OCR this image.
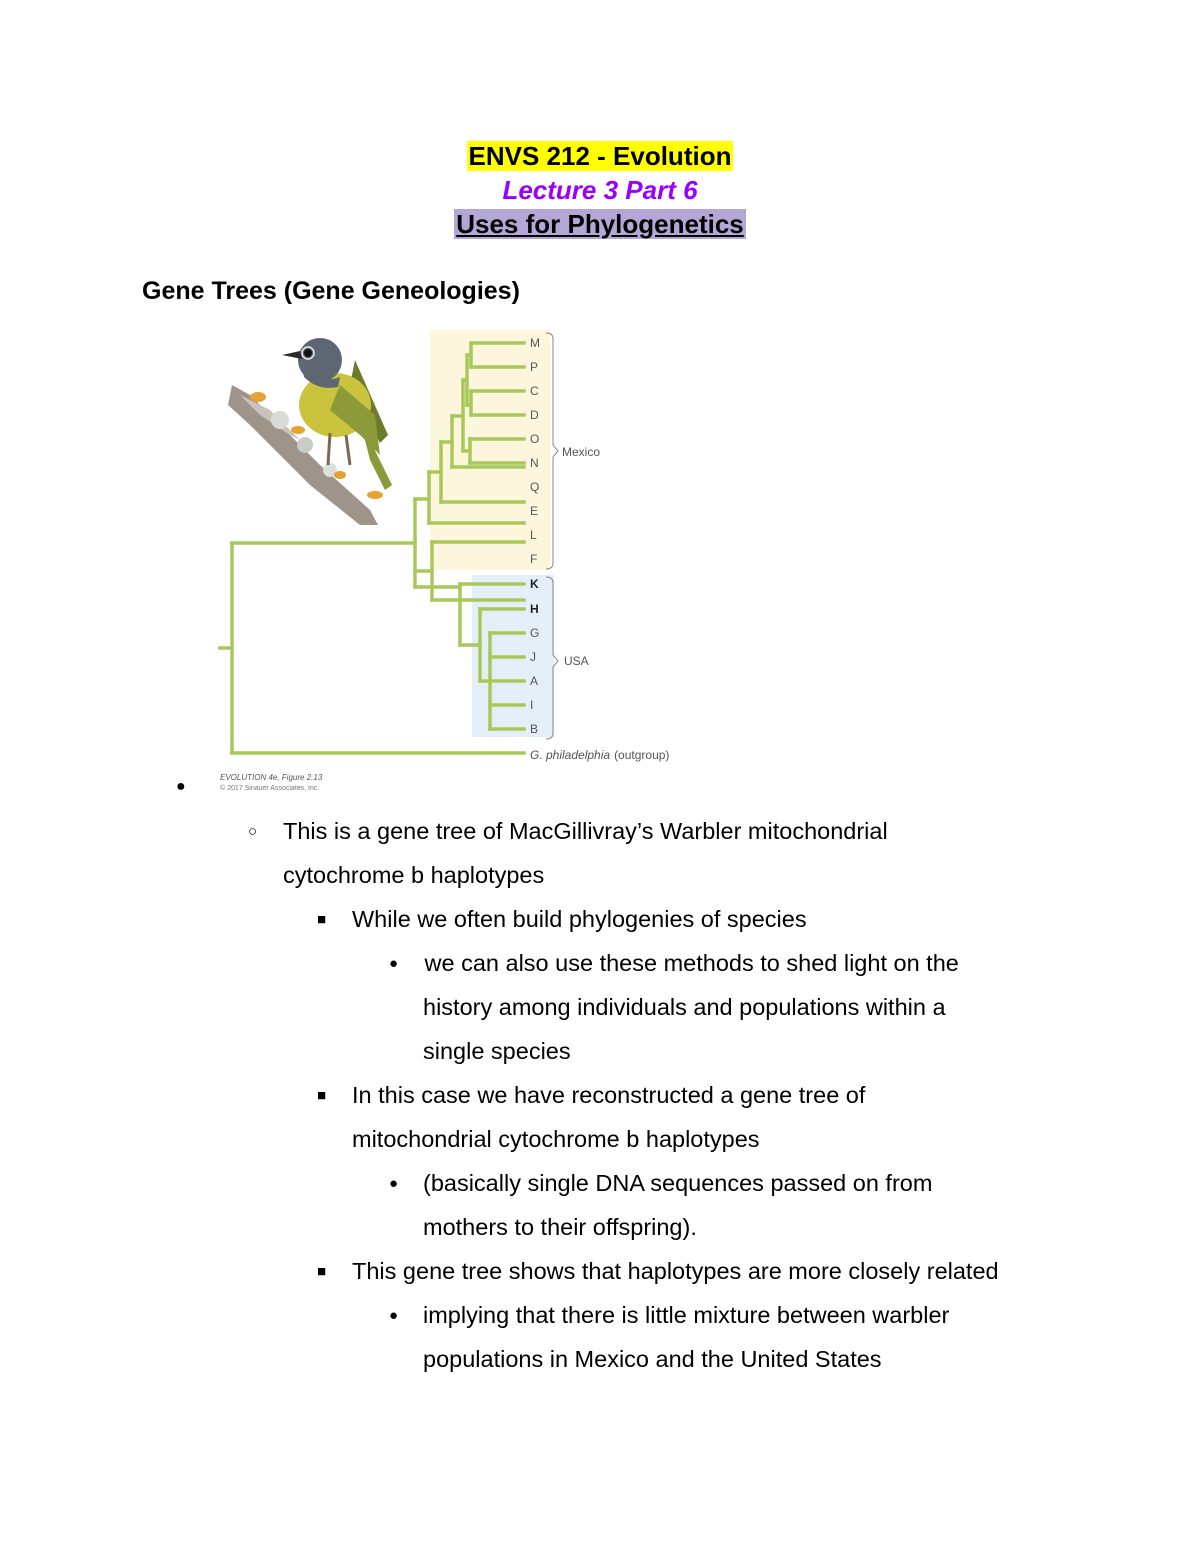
ENVS 212 - Evolution
Lecture 3 Part 6
Uses for Phylogenetics
Gene Trees (Gene Geneologies)
M
P
C
D
O
N
Q
E
L
F
K
H
G
J
A
I
B
Mexico
USA
G. philadelphia (outgroup)
EVOLUTION 4e, Figure 2.13
© 2017 Sinauer Associates, Inc.
●
○ This is a gene tree of MacGillivray’s Warbler mitochondrial
cytochrome b haplotypes
■ While we often build phylogenies of species
● we can also use these methods to shed light on the
history among individuals and populations within a
single species
■ In this case we have reconstructed a gene tree of
mitochondrial cytochrome b haplotypes
● (basically single DNA sequences passed on from
mothers to their offspring).
■ This gene tree shows that haplotypes are more closely related
● implying that there is little mixture between warbler
populations in Mexico and the United States
